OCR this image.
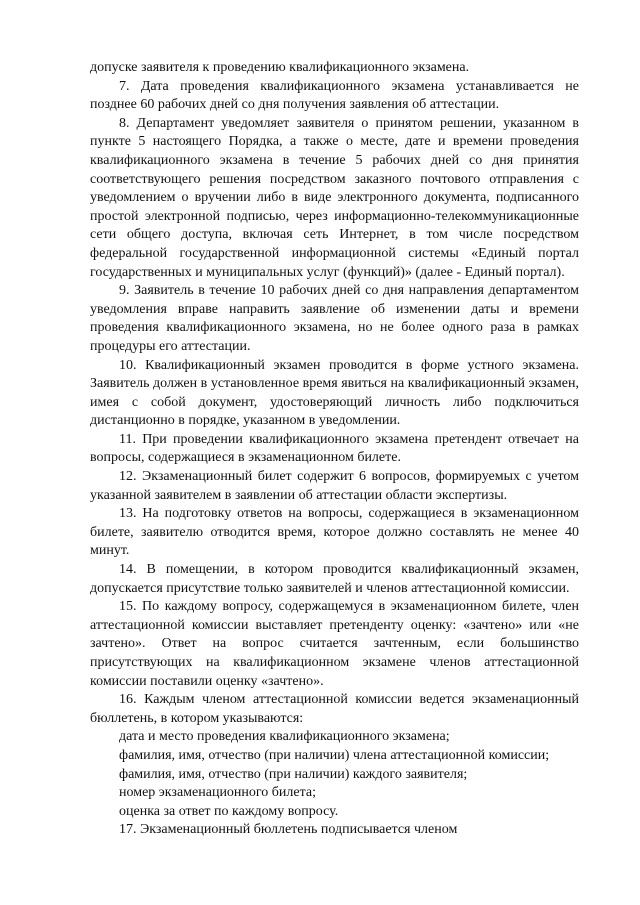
допуске заявителя к проведению квалификационного экзамена.

7. Дата проведения квалификационного экзамена устанавливается не позднее 60 рабочих дней со дня получения заявления об аттестации.

8. Департамент уведомляет заявителя о принятом решении, указанном в пункте 5 настоящего Порядка, а также о месте, дате и времени проведения квалификационного экзамена в течение 5 рабочих дней со дня принятия соответствующего решения посредством заказного почтового отправления с уведомлением о вручении либо в виде электронного документа, подписанного простой электронной подписью, через информационно-телекоммуникационные сети общего доступа, включая сеть Интернет, в том числе посредством федеральной государственной информационной системы «Единый портал государственных и муниципальных услуг (функций)» (далее - Единый портал).

9. Заявитель в течение 10 рабочих дней со дня направления департаментом уведомления вправе направить заявление об изменении даты и времени проведения квалификационного экзамена, но не более одного раза в рамках процедуры его аттестации.

10. Квалификационный экзамен проводится в форме устного экзамена. Заявитель должен в установленное время явиться на квалификационный экзамен, имея с собой документ, удостоверяющий личность либо подключиться дистанционно в порядке, указанном в уведомлении.

11. При проведении квалификационного экзамена претендент отвечает на вопросы, содержащиеся в экзаменационном билете.

12. Экзаменационный билет содержит 6 вопросов, формируемых с учетом указанной заявителем в заявлении об аттестации области экспертизы.

13. На подготовку ответов на вопросы, содержащиеся в экзаменационном билете, заявителю отводится время, которое должно составлять не менее 40 минут.

14. В помещении, в котором проводится квалификационный экзамен, допускается присутствие только заявителей и членов аттестационной комиссии.

15. По каждому вопросу, содержащемуся в экзаменационном билете, член аттестационной комиссии выставляет претенденту оценку: «зачтено» или «не зачтено». Ответ на вопрос считается зачтенным, если большинство присутствующих на квалификационном экзамене членов аттестационной комиссии поставили оценку «зачтено».

16. Каждым членом аттестационной комиссии ведется экзаменационный бюллетень, в котором указываются:

дата и место проведения квалификационного экзамена;

фамилия, имя, отчество (при наличии) члена аттестационной комиссии;

фамилия, имя, отчество (при наличии) каждого заявителя;

номер экзаменационного билета;

оценка за ответ по каждому вопросу.

17. Экзаменационный бюллетень подписывается членом
